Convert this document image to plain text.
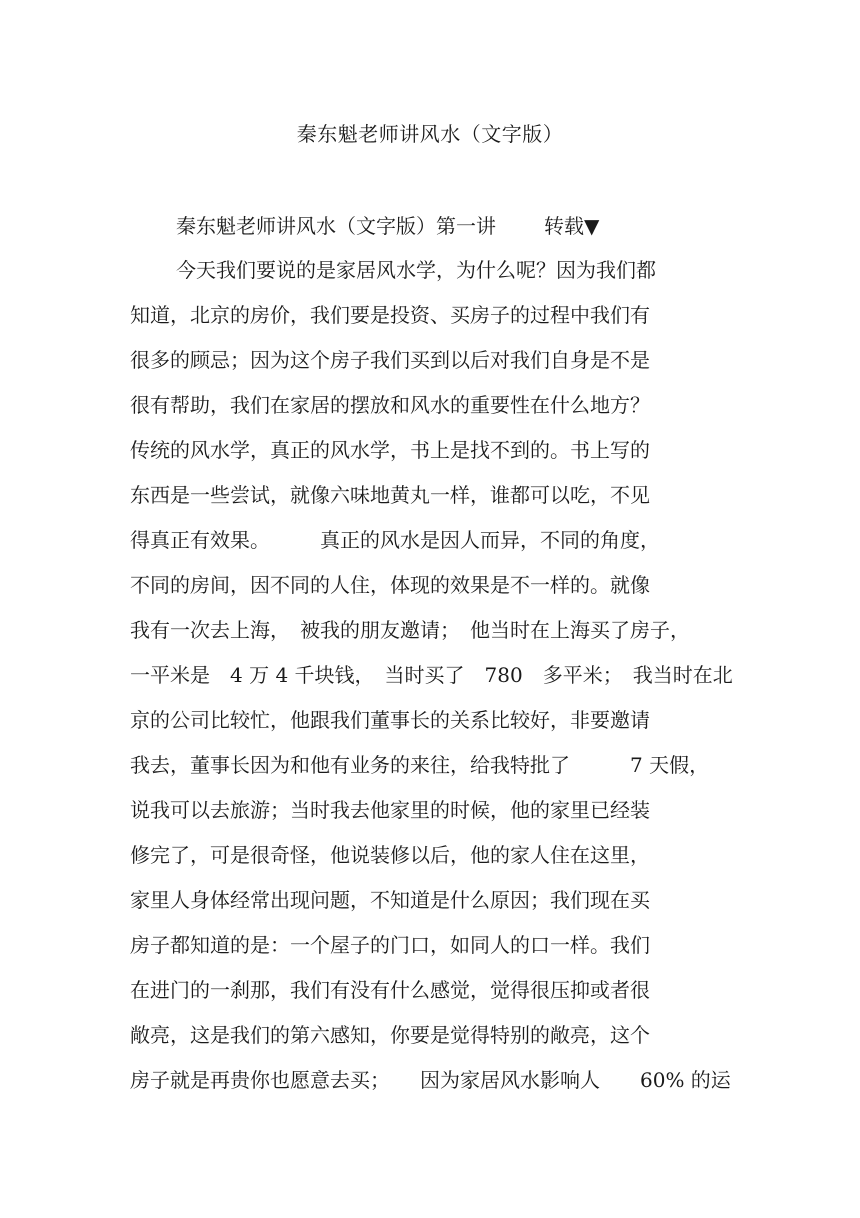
秦东魁老师讲风水（文字版）
秦东魁老师讲风水（文字版）第一讲 转载▼
今天我们要说的是家居风水学，为什么呢？因为我们都
知道，北京的房价，我们要是投资、买房子的过程中我们有
很多的顾忌；因为这个房子我们买到以后对我们自身是不是
很有帮助，我们在家居的摆放和风水的重要性在什么地方？
传统的风水学，真正的风水学，书上是找不到的。书上写的
东西是一些尝试，就像六味地黄丸一样，谁都可以吃，不见
得真正有效果。　　　真正的风水是因人而异，不同的角度，
不同的房间，因不同的人住，体现的效果是不一样的。就像
我有一次去上海，　被我的朋友邀请；　他当时在上海买了房子，
一平米是　4 万 4 千块钱，　当时买了　780　多平米；　我当时在北
京的公司比较忙，他跟我们董事长的关系比较好，非要邀请
我去，董事长因为和他有业务的来往，给我特批了　　　7 天假，
说我可以去旅游；当时我去他家里的时候，他的家里已经装
修完了，可是很奇怪，他说装修以后，他的家人住在这里，
家里人身体经常出现问题，不知道是什么原因；我们现在买
房子都知道的是：一个屋子的门口，如同人的口一样。我们
在进门的一刹那，我们有没有什么感觉，觉得很压抑或者很
敞亮，这是我们的第六感知，你要是觉得特别的敞亮，这个
房子就是再贵你也愿意去买；　　因为家居风水影响人　　60% 的运
